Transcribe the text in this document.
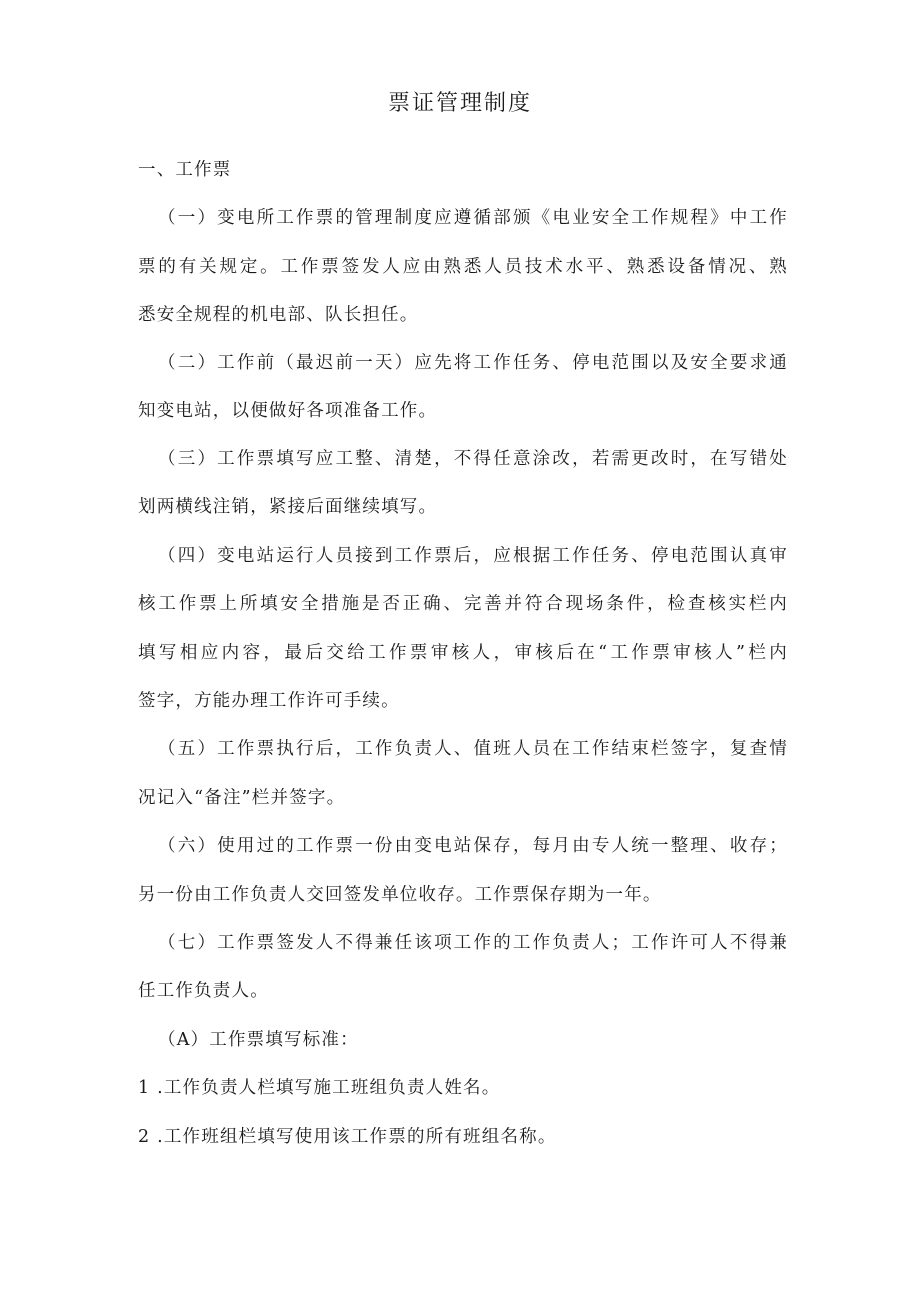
票证管理制度
一、工作票
（一）变电所工作票的管理制度应遵循部颁《电业安全工作规程》中工作
票的有关规定。工作票签发人应由熟悉人员技术水平、熟悉设备情况、熟
悉安全规程的机电部、队长担任。
（二）工作前（最迟前一天）应先将工作任务、停电范围以及安全要求通
知变电站，以便做好各项准备工作。
（三）工作票填写应工整、清楚，不得任意涂改，若需更改时，在写错处
划两横线注销，紧接后面继续填写。
（四）变电站运行人员接到工作票后，应根据工作任务、停电范围认真审
核工作票上所填安全措施是否正确、完善并符合现场条件，检查核实栏内
填写相应内容，最后交给工作票审核人，审核后在“工作票审核人”栏内
签字，方能办理工作许可手续。
（五）工作票执行后，工作负责人、值班人员在工作结束栏签字，复查情
况记入“备注”栏并签字。
（六）使用过的工作票一份由变电站保存，每月由专人统一整理、收存；
另一份由工作负责人交回签发单位收存。工作票保存期为一年。
（七）工作票签发人不得兼任该项工作的工作负责人；工作许可人不得兼
任工作负责人。
（A）工作票填写标准：
1 .工作负责人栏填写施工班组负责人姓名。
2 .工作班组栏填写使用该工作票的所有班组名称。
